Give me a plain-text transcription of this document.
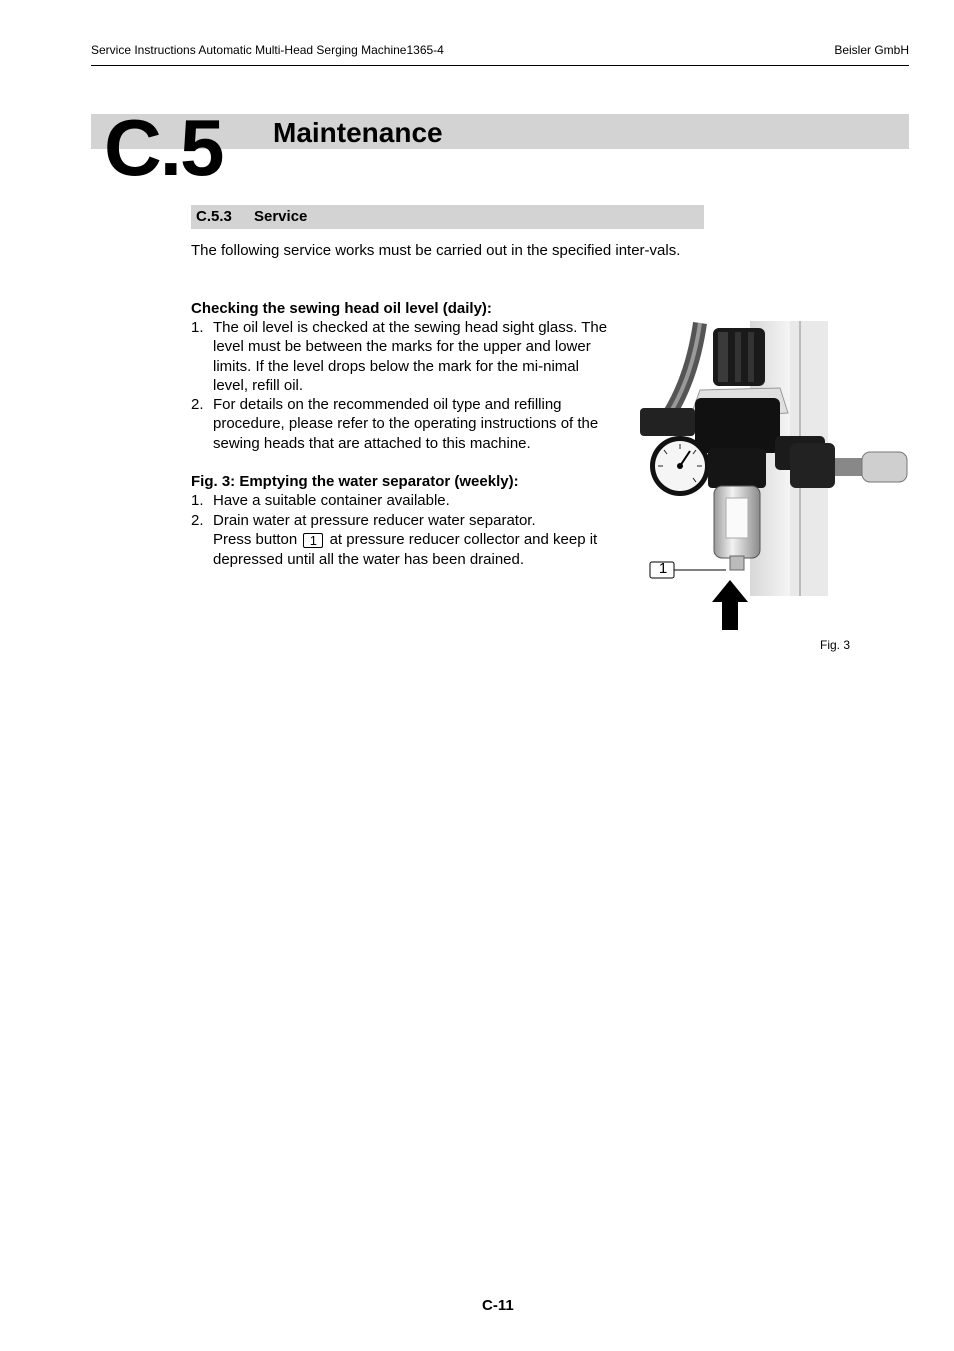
Service Instructions Automatic Multi-Head Serging Machine1365-4	Beisler GmbH
C.5 Maintenance
C.5.3 Service
The following service works must be carried out in the specified inter-vals.
Checking the sewing head oil level (daily):
1. The oil level is checked at the sewing head sight glass. The level must be between the marks for the upper and lower limits. If the level drops below the mark for the mi-nimal level, refill oil.
2. For details on the recommended oil type and refilling procedure, please refer to the operating instructions of the sewing heads that are attached to this machine.
Fig. 3: Emptying the water separator (weekly):
1. Have a suitable container available.
2. Drain water at pressure reducer water separator.
Press button 1 at pressure reducer collector and keep it depressed until all the water has been drained.
1
Fig. 3
C-11
